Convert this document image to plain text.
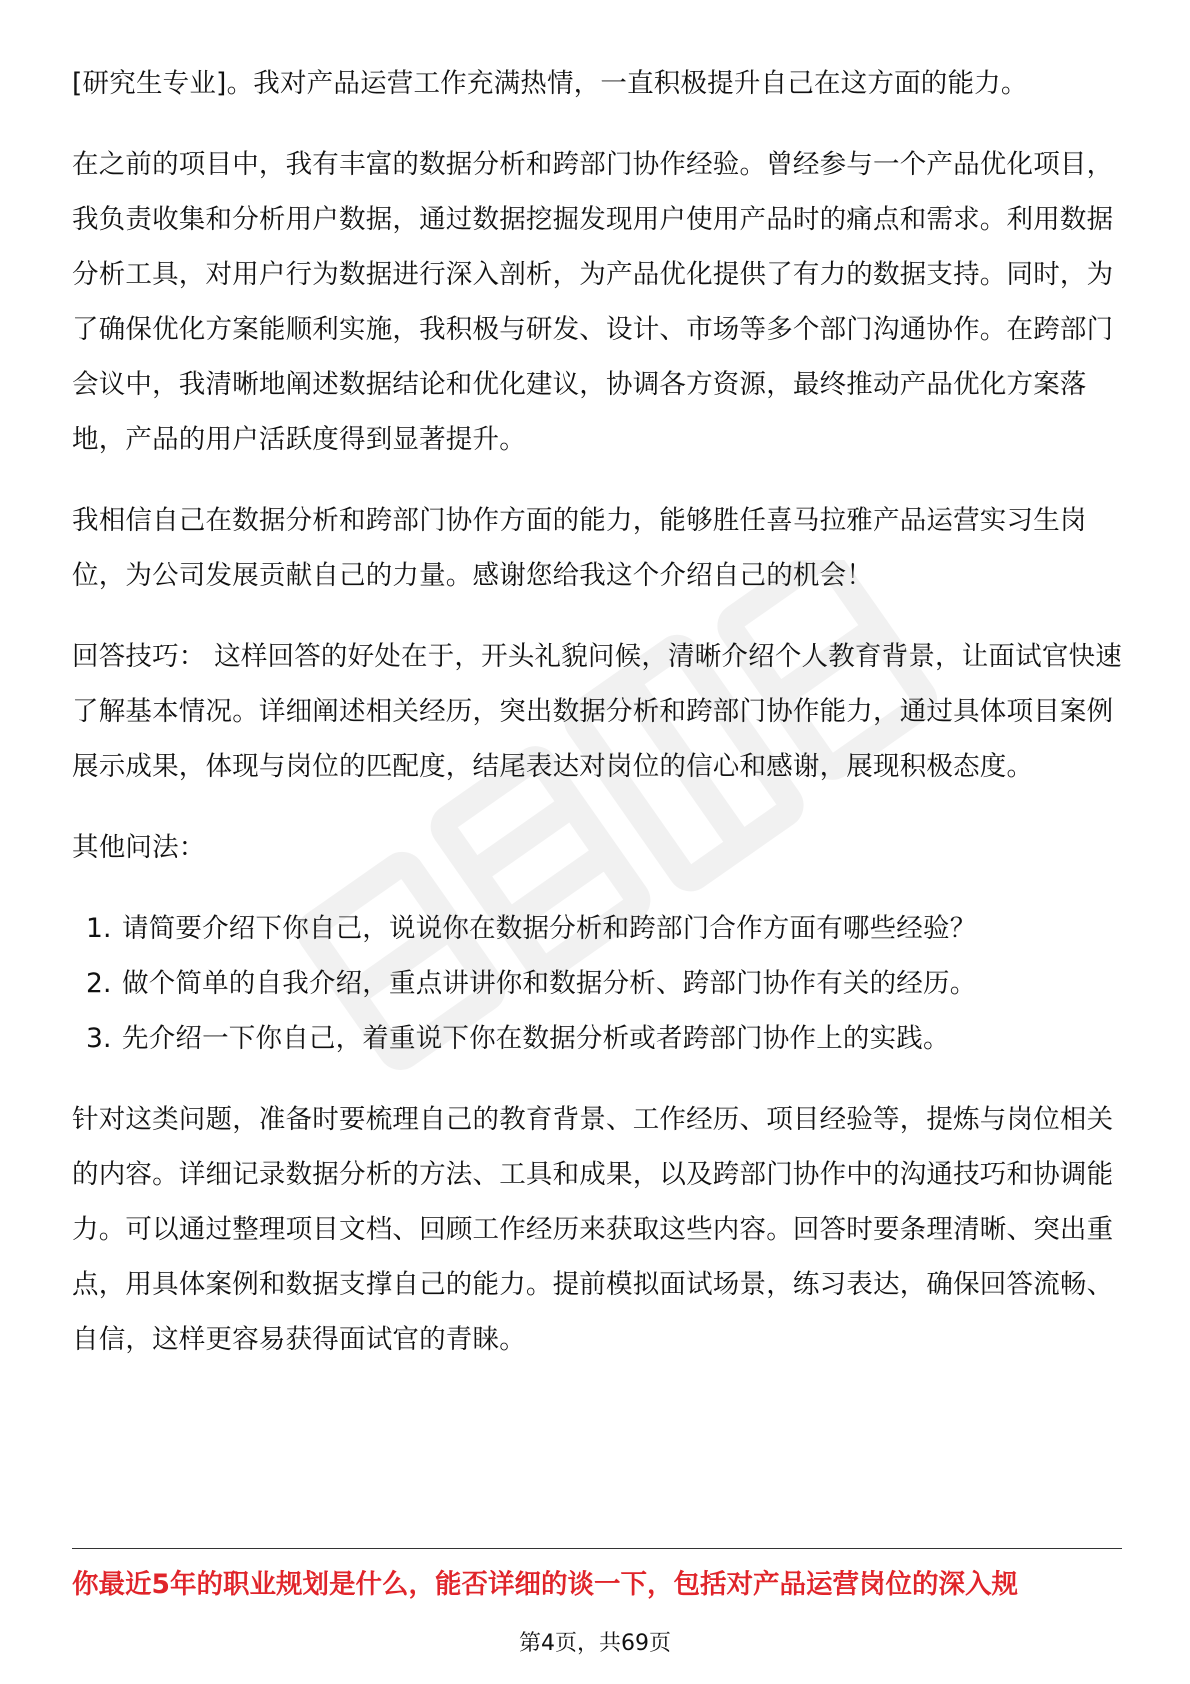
[研究生专业]。我对产品运营工作充满热情，一直积极提升自己在这方面的能力。

在之前的项目中，我有丰富的数据分析和跨部门协作经验。曾经参与一个产品优化项目，我负责收集和分析用户数据，通过数据挖掘发现用户使用产品时的痛点和需求。利用数据分析工具，对用户行为数据进行深入剖析，为产品优化提供了有力的数据支持。同时，为了确保优化方案能顺利实施，我积极与研发、设计、市场等多个部门沟通协作。在跨部门会议中，我清晰地阐述数据结论和优化建议，协调各方资源，最终推动产品优化方案落地，产品的用户活跃度得到显著提升。

我相信自己在数据分析和跨部门协作方面的能力，能够胜任喜马拉雅产品运营实习生岗位，为公司发展贡献自己的力量。感谢您给我这个介绍自己的机会！

回答技巧： 这样回答的好处在于，开头礼貌问候，清晰介绍个人教育背景，让面试官快速了解基本情况。详细阐述相关经历，突出数据分析和跨部门协作能力，通过具体项目案例展示成果，体现与岗位的匹配度，结尾表达对岗位的信心和感谢，展现积极态度。

其他问法：

1. 请简要介绍下你自己，说说你在数据分析和跨部门合作方面有哪些经验？
2. 做个简单的自我介绍，重点讲讲你和数据分析、跨部门协作有关的经历。
3. 先介绍一下你自己，着重说下你在数据分析或者跨部门协作上的实践。

针对这类问题，准备时要梳理自己的教育背景、工作经历、项目经验等，提炼与岗位相关的内容。详细记录数据分析的方法、工具和成果，以及跨部门协作中的沟通技巧和协调能力。可以通过整理项目文档、回顾工作经历来获取这些内容。回答时要条理清晰、突出重点，用具体案例和数据支撑自己的能力。提前模拟面试场景，练习表达，确保回答流畅、自信，这样更容易获得面试官的青睐。

你最近5年的职业规划是什么，能否详细的谈一下，包括对产品运营岗位的深入规
第4页，共69页
